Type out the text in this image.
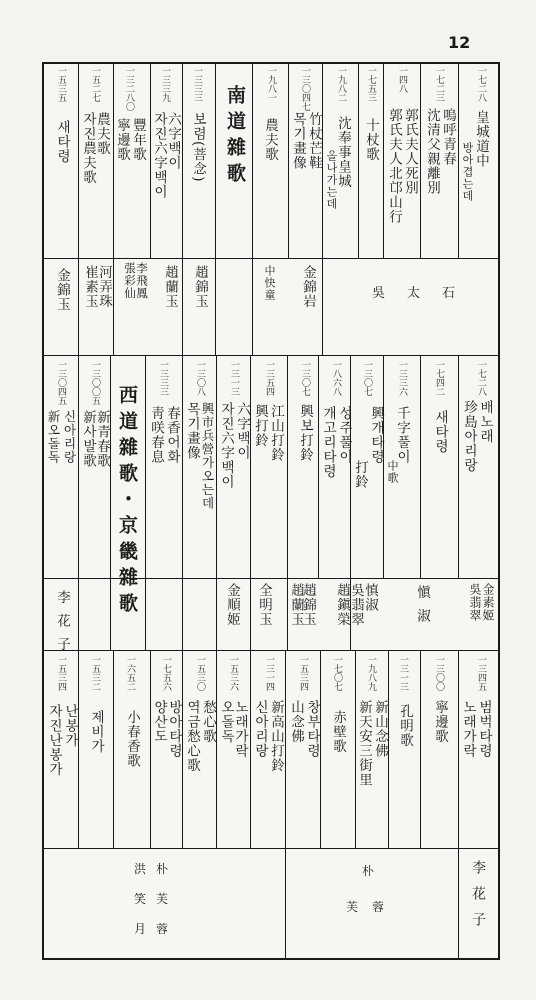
12
一七二八
皇城道中
방아겹는데
一七二三
嗚呼青春
沈清父親離別
一四八
郭氏夫人死別
郭氏夫人北邙山行
一七五三
十杖歌
一九八二
沈奉事皇城
올나가는데
一三〇四七
竹杖芒鞋
목기畫像
一九八一
農夫歌
南道雜歌
一三三三
보렴(菩念)
一三三九
六字백이
자진六字백이
一三二八〇
豐年歌
寧邊歌
一五二七
農夫歌
자진農夫歌
一五三五
새타령
吳太石
金錦岩
中快童
趙錦玉
趙蘭玉
李飛鳳
張彩仙
河弄珠
崔素玉
金錦玉
一七二八
배노래
珍島아리랑
一七四二
새타령
一三三六
千字풀이
中歌
一三〇七
興개타령
打鈴
一八六八
성주풀이
개고리타령
一三〇七
興보打鈴
一三五四
江山打鈴
興打鈴
一三一三
六字백이
자진六字백이
一三〇八
興市兵營가오는데
목기畫像
一三三三
春香어화
靑咲春息
西道雜歌・京畿雜歌
一三〇〇五
新青春歌
新사발歌
一三〇四五
신아리랑
新오돌독
金素姬
吳翡翠
愼淑
慎淑
吳翡翠
趙鎭榮
趙錦玉
趙蘭玉
全明玉
金順姬
李花子
一三四五
범벅타령
노래가락
一三〇〇
寧邊歌
一三一三
孔明歌
一九八九
新山念佛
新天安三街里
一七〇七
赤壁歌
一五三四
창부타령
山念佛
一三一四
新高山打鈴
신아리랑
一五三六
노래가락
오돌독
一五三〇
愁心歌
역금愁心歌
一七五六
방아타령
양산도
一六五二
小春香歌
一五三二
제비가
一五三四
난봉가
자진난봉가
李花子
朴
芙蓉
洪朴
笑芙
月蓉
